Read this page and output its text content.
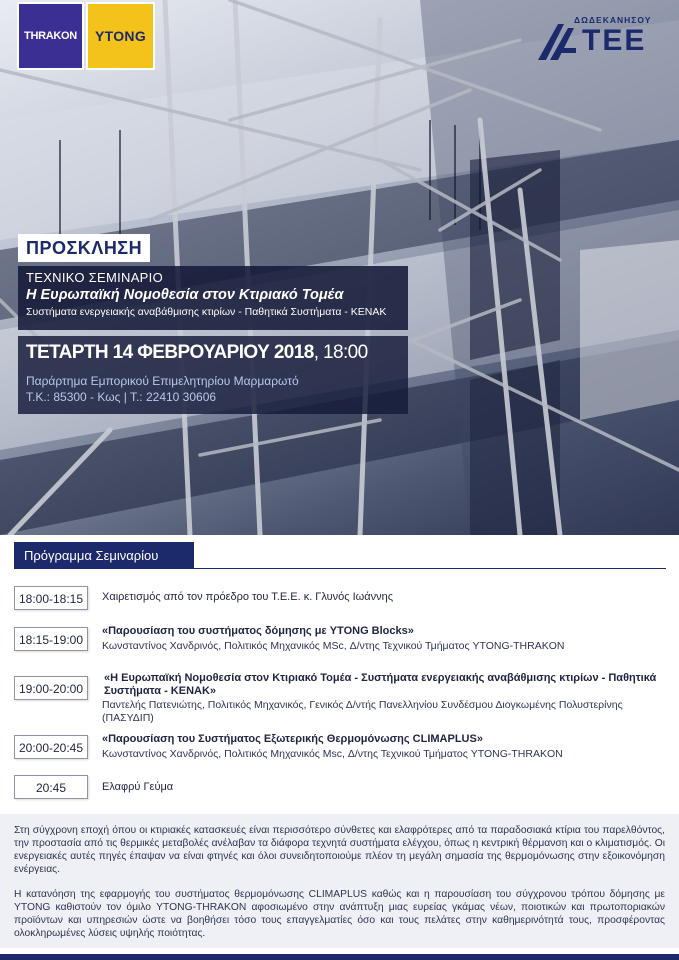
THRAKON YTONG
ΔΩΔΕΚΑΝΗΣΟΥ
ΤΕΕ
ΠΡΟΣΚΛΗΣΗ
ΤΕΧΝΙΚΟ ΣΕΜΙΝΑΡΙΟ
Η Ευρωπαϊκή Νομοθεσία στον Κτιριακό Τομέα
Συστήματα ενεργειακής αναβάθμισης κτιρίων - Παθητικά Συστήματα - ΚΕΝΑΚ
ΤΕΤΑΡΤΗ 14 ΦΕΒΡΟΥΑΡΙΟΥ 2018, 18:00
Παράρτημα Εμπορικού Επιμελητηρίου Μαρμαρωτό
Τ.Κ.: 85300 - Κως | Τ.: 22410 30606
Πρόγραμμα Σεμιναρίου
18:00-18:15	Χαιρετισμός από τον πρόεδρο του Τ.Ε.Ε. κ. Γλυνός Ιωάννης
18:15-19:00
«Παρουσίαση του συστήματος δόμησης με YTONG Blocks»
Κωνσταντίνος Χανδρινός, Πολιτικός Μηχανικός MSc, Δ/ντης Τεχνικού Τμήματος YTONG-THRAKON
19:00-20:00
«Η Ευρωπαϊκή Νομοθεσία στον Κτιριακό Τομέα - Συστήματα ενεργειακής αναβάθμισης κτιρίων - Παθητικά Συστήματα - ΚΕΝΑΚ»
Παντελής Πατενιώτης, Πολιτικός Μηχανικός, Γενικός Δ/ντής Πανελληνίου Συνδέσμου Διογκωμένης Πολυστερίνης (ΠΑΣΥΔΙΠ)
20:00-20:45
«Παρουσίαση του Συστήματος Εξωτερικής Θερμομόνωσης CLIMAPLUS»
Κωνσταντίνος Χανδρινός, Πολιτικός Μηχανικός Msc, Δ/ντης Τεχνικού Τμήματος YTONG-THRAKON
20:45	Ελαφρύ Γεύμα

Στη σύγχρονη εποχή όπου οι κτιριακές κατασκευές είναι περισσότερο σύνθετες και ελαφρότερες από τα παραδοσιακά κτίρια του παρελθόντος, την προστασία από τις θερμικές μεταβολές ανέλαβαν τα διάφορα τεχνητά συστήματα ελέγχου, όπως η κεντρική θέρμανση και ο κλιματισμός. Οι ενεργειακές αυτές πηγές έπαψαν να είναι φτηνές και όλοι συνειδητοποιούμε πλέον τη μεγάλη σημασία της θερμομόνωσης στην εξοικονόμηση ενέργειας.

Η κατανόηση της εφαρμογής του συστήματος θερμομόνωσης CLIMAPLUS καθώς και η παρουσίαση του σύγχρονου τρόπου δόμησης με YTONG καθιστούν τον όμιλο YTONG-THRAKON αφοσιωμένο στην ανάπτυξη μιας ευρείας γκάμας νέων, ποιοτικών και πρωτοποριακών προϊόντων και υπηρεσιών ώστε να βοηθήσει τόσο τους επαγγελματίες όσο και τους πελάτες στην καθημερινότητά τους, προσφέροντας ολοκληρωμένες λύσεις υψηλής ποιότητας.
